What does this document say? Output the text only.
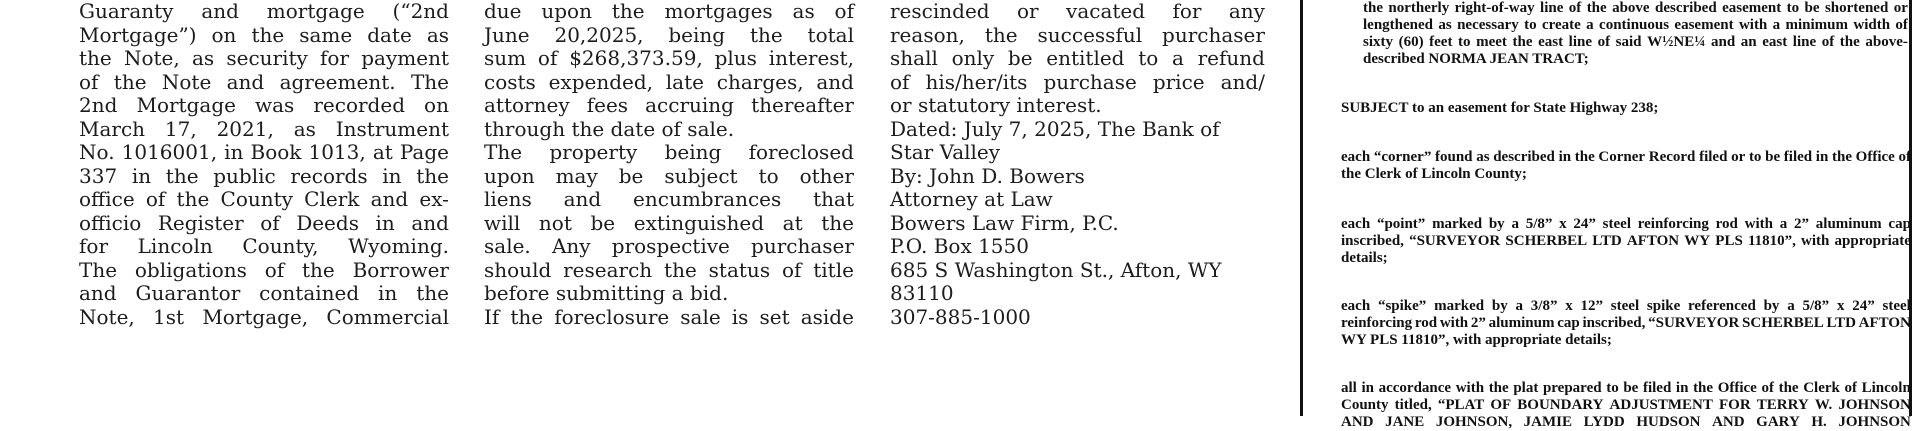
Guaranty and mortgage (“2nd

Mortgage”) on the same date as

the Note, as security for payment

of the Note and agreement. The

2nd Mortgage was recorded on

March 17, 2021, as Instrument

No. 1016001, in Book 1013, at Page

337 in the public records in the

office of the County Clerk and ex-

officio Register of Deeds in and

for Lincoln County, Wyoming.

The obligations of the Borrower

and Guarantor contained in the

Note, 1st Mortgage, Commercial

due upon the mortgages as of

June 20,2025, being the total

sum of $268,373.59, plus interest,

costs expended, late charges, and

attorney fees accruing thereafter

through the date of sale.

The property being foreclosed

upon may be subject to other

liens and encumbrances that

will not be extinguished at the

sale. Any prospective purchaser

should research the status of title

before submitting a bid.

If the foreclosure sale is set aside

rescinded or vacated for any

reason, the successful purchaser

shall only be entitled to a refund

of his/her/its purchase price and/

or statutory interest.

Dated: July 7, 2025, The Bank of

Star Valley

By: John D. Bowers

Attorney at Law

Bowers Law Firm, P.C.

P.O. Box 1550

685 S Washington St., Afton, WY

83110

307-885-1000

the northerly right-of-way line of the above described easement to be shortened or

lengthened as necessary to create a continuous easement with a minimum width of

sixty (60) feet to meet the east line of said W½NE¼ and an east line of the above-

described NORMA JEAN TRACT;

SUBJECT to an easement for State Highway 238;

each “corner” found as described in the Corner Record filed or to be filed in the Office of

the Clerk of Lincoln County;

each “point” marked by a 5/8” x 24” steel reinforcing rod with a 2” aluminum cap

inscribed, “SURVEYOR SCHERBEL LTD AFTON WY PLS 11810”, with appropriate

details;

each “spike” marked by a 3/8” x 12” steel spike referenced by a 5/8” x 24” steel

reinforcing rod with 2” aluminum cap inscribed, “SURVEYOR SCHERBEL LTD AFTON

WY PLS 11810”, with appropriate details;

all in accordance with the plat prepared to be filed in the Office of the Clerk of Lincoln

County titled, “PLAT OF BOUNDARY ADJUSTMENT FOR TERRY W. JOHNSON

AND JANE JOHNSON, JAMIE LYDD HUDSON AND GARY H. JOHNSON
